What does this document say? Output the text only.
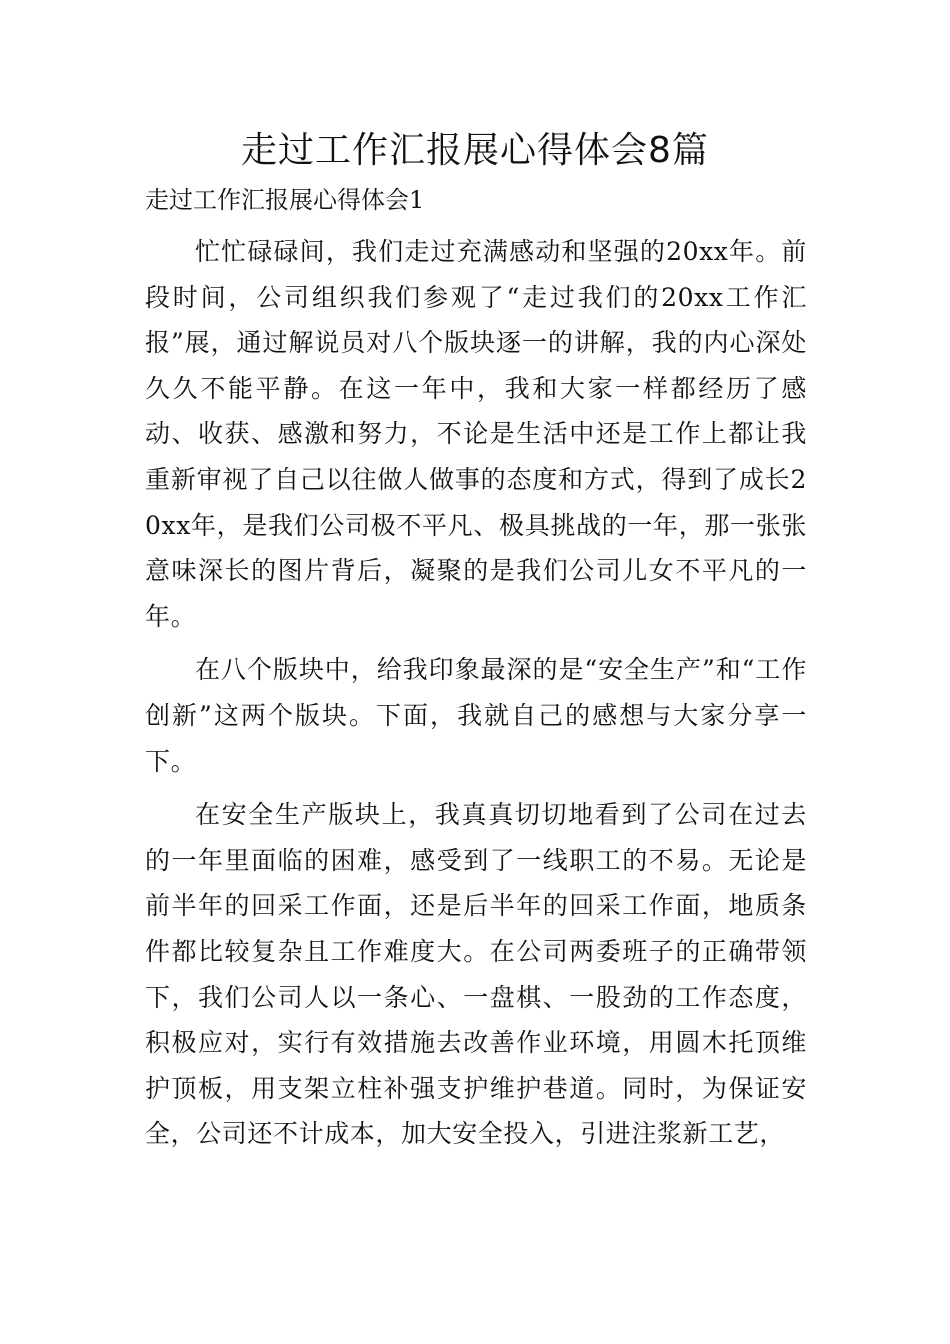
走过工作汇报展心得体会8篇
走过工作汇报展心得体会1

忙忙碌碌间，我们走过充满感动和坚强的20xx年。前段时间，公司组织我们参观了“走过我们的20xx工作汇报”展，通过解说员对八个版块逐一的讲解，我的内心深处久久不能平静。在这一年中，我和大家一样都经历了感动、收获、感激和努力，不论是生活中还是工作上都让我重新审视了自己以往做人做事的态度和方式，得到了成长20xx年，是我们公司极不平凡、极具挑战的一年，那一张张意味深长的图片背后，凝聚的是我们公司儿女不平凡的一年。

在八个版块中，给我印象最深的是“安全生产”和“工作创新”这两个版块。下面，我就自己的感想与大家分享一下。

在安全生产版块上，我真真切切地看到了公司在过去的一年里面临的困难，感受到了一线职工的不易。无论是前半年的回采工作面，还是后半年的回采工作面，地质条件都比较复杂且工作难度大。在公司两委班子的正确带领下，我们公司人以一条心、一盘棋、一股劲的工作态度，积极应对，实行有效措施去改善作业环境，用圆木托顶维护顶板，用支架立柱补强支护维护巷道。同时，为保证安全，公司还不计成本，加大安全投入，引进注浆新工艺，
